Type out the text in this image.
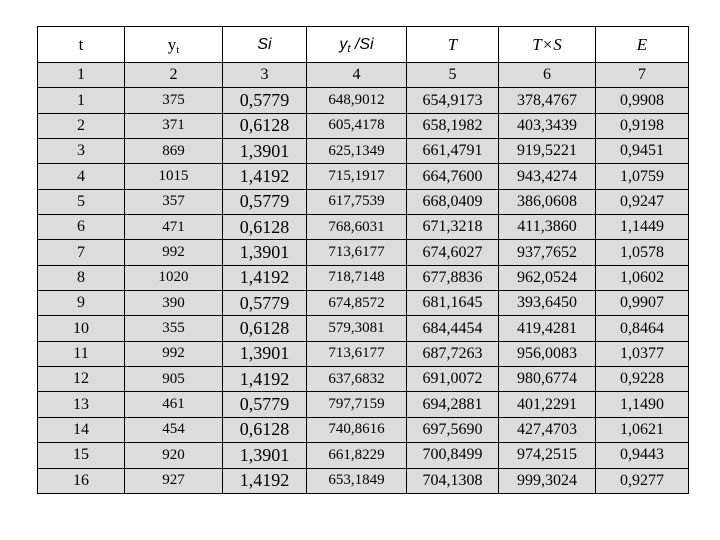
t	$y_t$	Si	$y_t$ /Si	T	T×S	E
1	2	3	4	5	6	7
1	375	0,5779	648,9012	654,9173	378,4767	0,9908
2	371	0,6128	605,4178	658,1982	403,3439	0,9198
3	869	1,3901	625,1349	661,4791	919,5221	0,9451
4	1015	1,4192	715,1917	664,7600	943,4274	1,0759
5	357	0,5779	617,7539	668,0409	386,0608	0,9247
6	471	0,6128	768,6031	671,3218	411,3860	1,1449
7	992	1,3901	713,6177	674,6027	937,7652	1,0578
8	1020	1,4192	718,7148	677,8836	962,0524	1,0602
9	390	0,5779	674,8572	681,1645	393,6450	0,9907
10	355	0,6128	579,3081	684,4454	419,4281	0,8464
11	992	1,3901	713,6177	687,7263	956,0083	1,0377
12	905	1,4192	637,6832	691,0072	980,6774	0,9228
13	461	0,5779	797,7159	694,2881	401,2291	1,1490
14	454	0,6128	740,8616	697,5690	427,4703	1,0621
15	920	1,3901	661,8229	700,8499	974,2515	0,9443
16	927	1,4192	653,1849	704,1308	999,3024	0,9277
